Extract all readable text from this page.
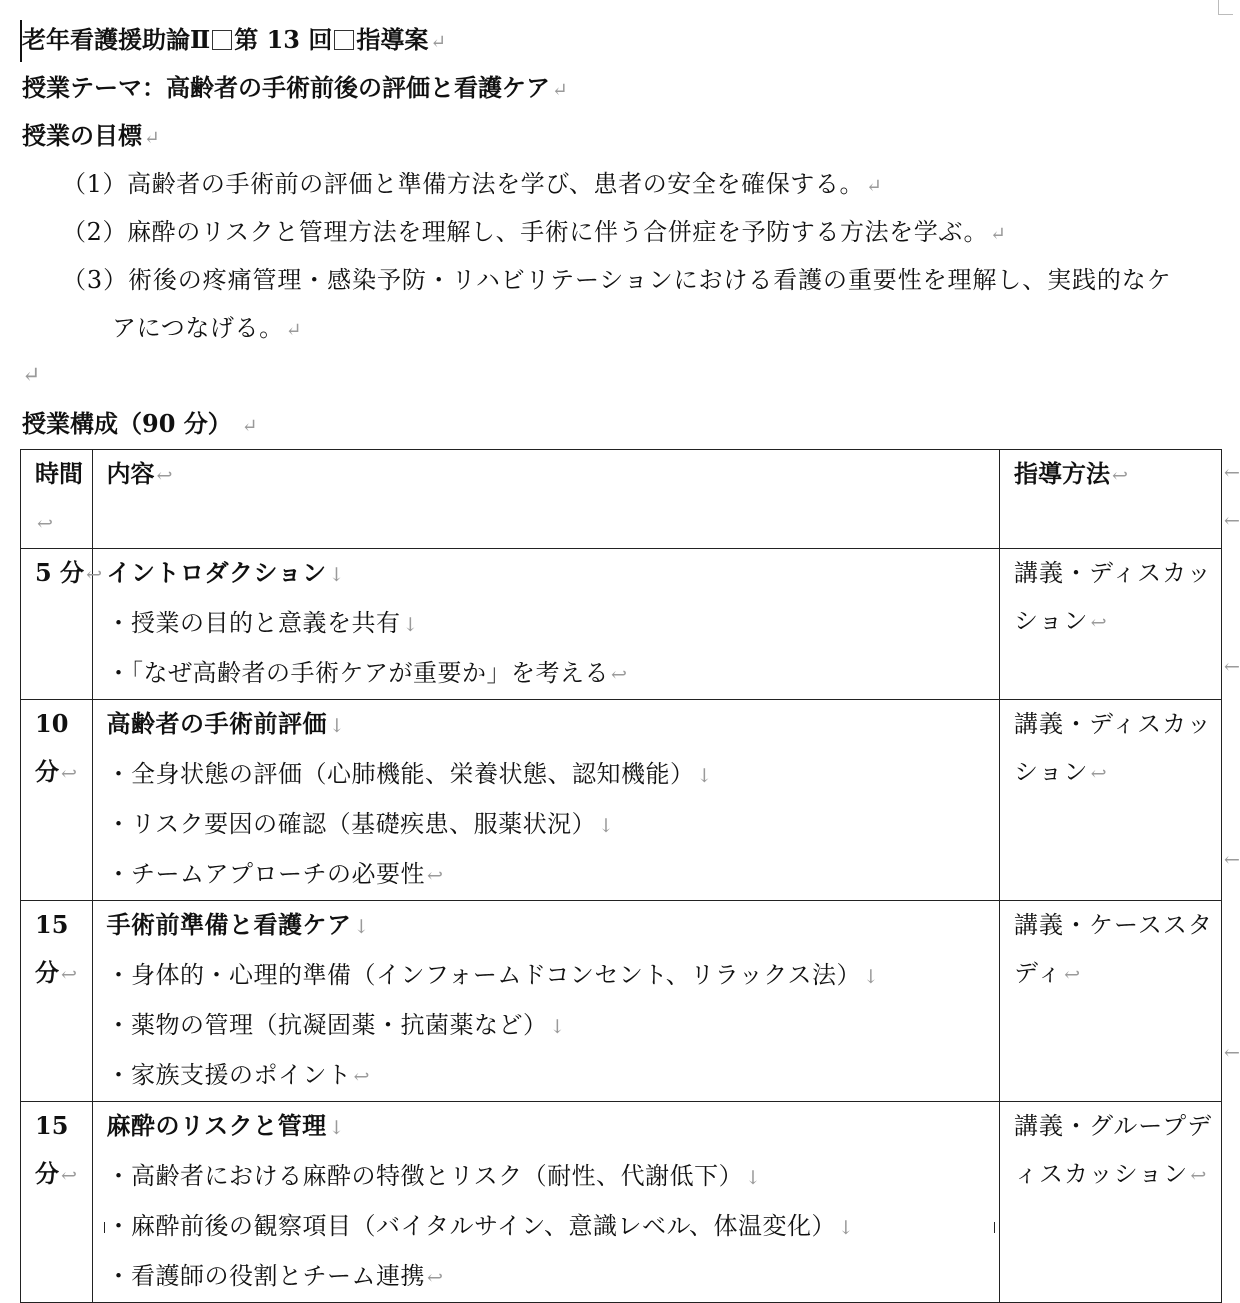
老年看護援助論Ⅱ 第 13 回 指導案 ↵
授業テーマ：高齢者の手術前後の評価と看護ケア ↵
授業の目標 ↵
（1）高齢者の手術前の評価と準備方法を学び、患者の安全を確保する。 ↵
（2）麻酔のリスクと管理方法を理解し、手術に伴う合併症を予防する方法を学ぶ。 ↵
（3）術後の疼痛管理・感染予防・リハビリテーションにおける看護の重要性を理解し、実践的なケ
アにつなげる。 ↵
↵
授業構成（90 分） ↵
時間↩	内容 ↩	指導方法 ↩

5 分 ↩	イントロダクション ↓
・授業の目的と意義を共有 ↓
・「なぜ高齢者の手術ケアが重要か」を考える ↩	講義・ディスカッ
ション ↩

10
分 ↩	高齢者の手術前評価 ↓
・全身状態の評価（心肺機能、栄養状態、認知機能） ↓
・リスク要因の確認（基礎疾患、服薬状況） ↓
・チームアプローチの必要性 ↩	講義・ディスカッ
ション ↩

15
分 ↩	手術前準備と看護ケア ↓
・身体的・心理的準備（インフォームドコンセント、リラックス法） ↓
・薬物の管理（抗凝固薬・抗菌薬など） ↓
・家族支援のポイント ↩	講義・ケーススタ
ディ ↩

15
分 ↩	麻酔のリスクと管理 ↓
・高齢者における麻酔の特徴とリスク（耐性、代謝低下） ↓
・麻酔前後の観察項目（バイタルサイン、意識レベル、体温変化） ↓
・看護師の役割とチーム連携 ↩	講義・グループデ
ィスカッション ↩
←
←
←
←
←
